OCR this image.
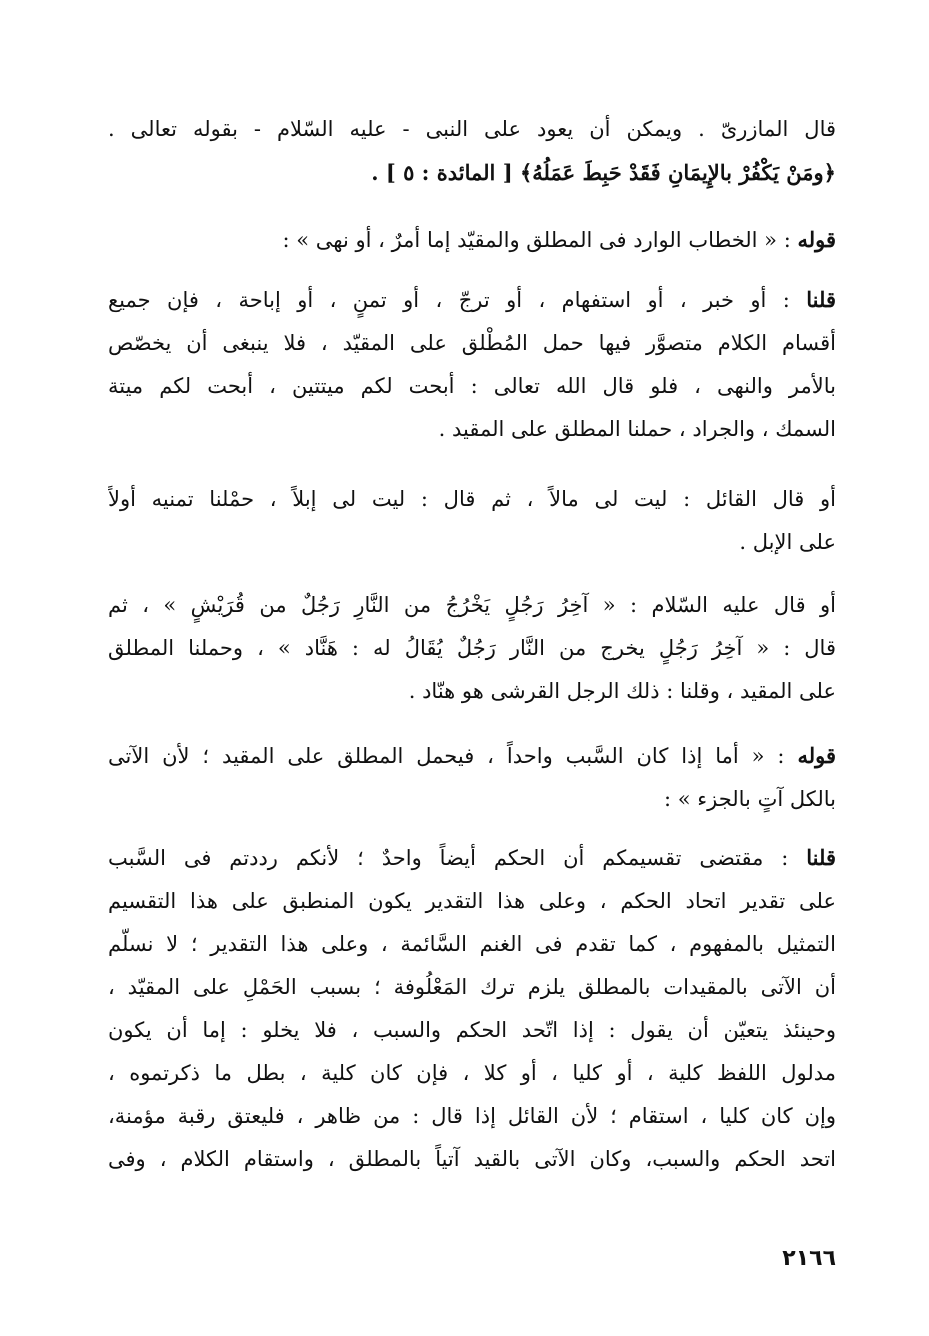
قال المازرىّ . ويمكن أن يعود على النبى - عليه السّلام - بقوله تعالى .
﴿ومَنْ يَكْفُرْ بالإِيمَانِ فَقَدْ حَبِطَ عَمَلُهُ﴾ [ المائدة : ٥ ] .
قوله : « الخطاب الوارد فى المطلق والمقيّد إما أمرٌ ، أو نهى » :
قلنا : أو خبر ، أو استفهام ، أو ترجّ ، أو تمنٍ ، أو إباحة ، فإن جميع
أقسام الكلام متصوَّر فيها حمل المُطْلق على المقيّد ، فلا ينبغى أن يخصّص
بالأمر والنهى ، فلو قال الله تعالى : أبحت لكم ميتتين ، أبحت لكم ميتة
السمك ، والجراد ، حملنا المطلق على المقيد .
أو قال القائل : ليت لى مالاً ، ثم قال : ليت لى إبلاً ، حمْلنا تمنيه أولاً
على الإبل .
أو قال عليه السّلام : « آخِرُ رَجُلٍ يَخْرُجُ من النَّارِ رَجُلٌ من قُرَيْشٍ » ، ثم
قال : « آخِرُ رَجُلٍ يخرج من النَّار رَجُلٌ يُقَالُ له : هَنَّاد » ، وحملنا المطلق
على المقيد ، وقلنا : ذلك الرجل القرشى هو هنّاد .
قوله : « أما إذا كان السَّبب واحداً ، فيحمل المطلق على المقيد ؛ لأن الآتى
بالكل آتٍ بالجزء » :
قلنا : مقتضى تقسيمكم أن الحكم أيضاً واحدٌ ؛ لأنكم رددتم فى السَّبب
على تقدير اتحاد الحكم ، وعلى هذا التقدير يكون المنطبق على هذا التقسيم
التمثيل بالمفهوم ، كما تقدم فى الغنم السَّائمة ، وعلى هذا التقدير ؛ لا نسلّم
أن الآتى بالمقيدات بالمطلق يلزم ترك المَعْلُوفة ؛ بسبب الحَمْلِ على المقيّد ،
وحينئذ يتعيّن أن يقول : إذا اتّحد الحكم والسبب ، فلا يخلو : إما أن يكون
مدلول اللفظ كلية ، أو كليا ، أو كلا ، فإن كان كلية ، بطل ما ذكرتموه ،
وإن كان كليا ، استقام ؛ لأن القائل إذا قال : من ظاهر ، فليعتق رقبة مؤمنة،
اتحد الحكم والسبب، وكان الآتى بالقيد آتياً بالمطلق ، واستقام الكلام ، وفى
٢١٦٦
